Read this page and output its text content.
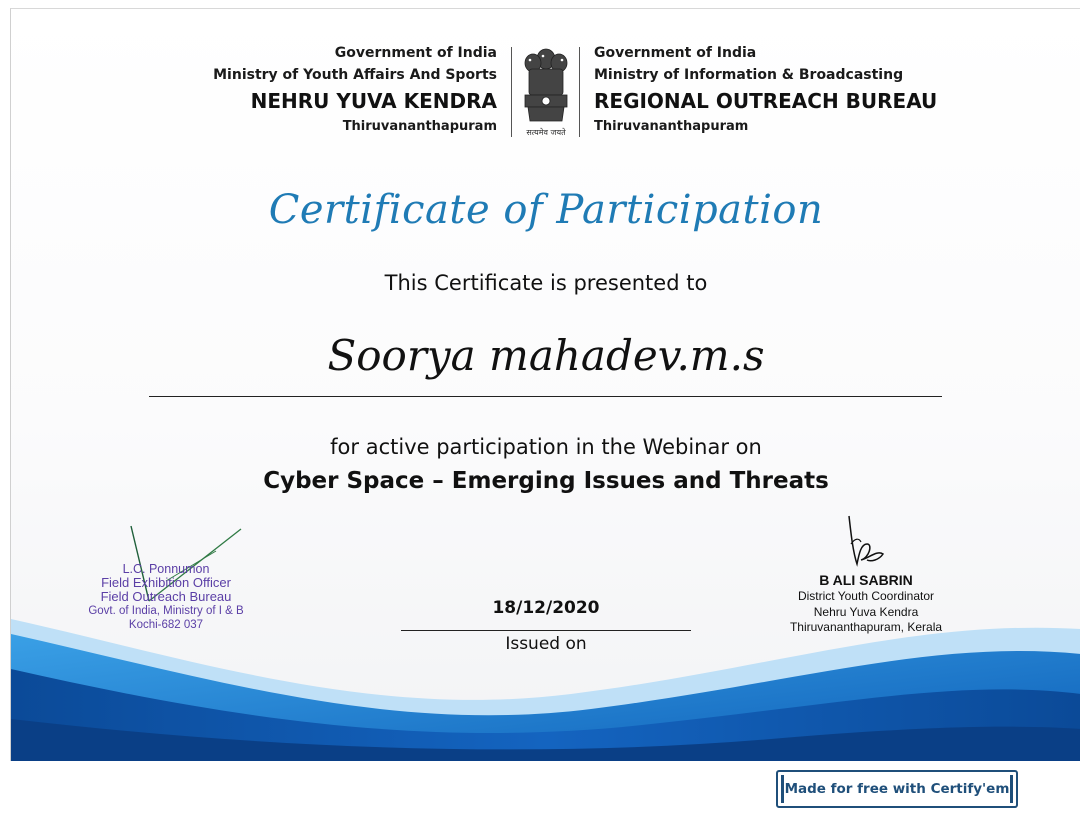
Government of India
Ministry of Youth Affairs And Sports
NEHRU YUVA KENDRA
Thiruvananthapuram	सत्यमेव जयते
Government of India
Ministry of Information & Broadcasting
REGIONAL OUTREACH BUREAU
Thiruvananthapuram
Certificate of Participation
This Certificate is presented to
Soorya mahadev.m.s
for active participation in the Webinar on
Cyber Space – Emerging Issues and Threats
L.C. Ponnumon
Field Exhibition Officer
Field Outreach Bureau
Govt. of India, Ministry of I & B
Kochi-682 037
18/12/2020
Issued on
B ALI SABRIN
District Youth Coordinator
Nehru Yuva Kendra
Thiruvananthapuram, Kerala
Made for free with Certify'em
